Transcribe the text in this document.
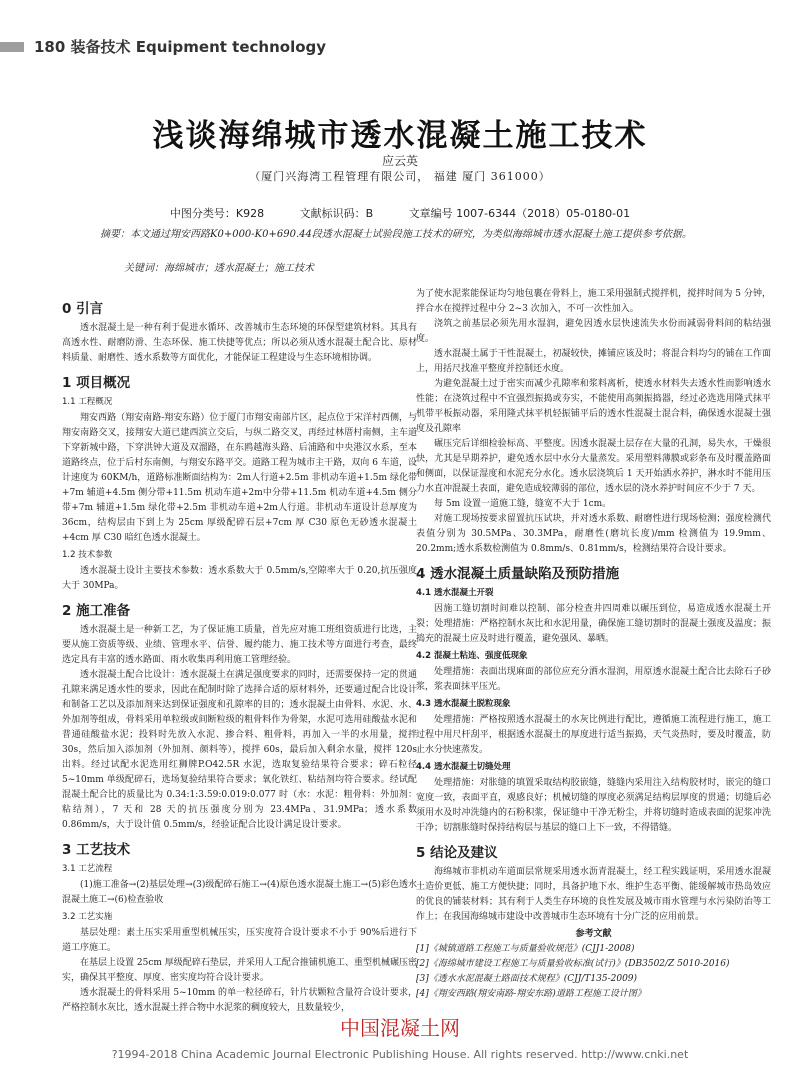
180 装备技术 Equipment technology
浅谈海绵城市透水混凝土施工技术
应云英
（厦门兴海湾工程管理有限公司， 福建 厦门 361000）
中图分类号：K928	文献标识码：B	文章编号 1007-6344（2018）05-0180-01
摘要：本文通过翔安西路K0+000-K0+690.44段透水混凝土试验段施工技术的研究，为类似海绵城市透水混凝土施工提供参考依据。
关键词：海绵城市；透水混凝土；施工技术
0 引言

透水混凝土是一种有利于促进水循环、改善城市生态环境的环保型建筑材料。其具有高透水性、耐磨防滑、生态环保、施工快捷等优点；所以必须从透水混凝土配合比、原材料质量、耐磨性、透水系数等方面优化，才能保证工程建设与生态环境相协调。

1 项目概况
1.1 工程概况

翔安西路（翔安南路-翔安东路）位于厦门市翔安南部片区，起点位于宋洋村西侧，与翔安南路交叉，接翔安大道已建西滨立交后，与纵二路交叉，再经过林厝村南侧，主车道下穿新城中路，下穿洪钟大道及双溜路，在东鸥越海头路、后浦路和中央港汉水系，至本道路终点，位于后村东南侧，与翔安东路平交。道路工程为城市主干路，双向 6 车道，设计速度为 60KM/h，道路标准断面结构为：2m人行道+2.5m 非机动车道+1.5m 绿化带+7m 辅道+4.5m 侧分带+11.5m 机动车道+2m中分带+11.5m 机动车道+4.5m 侧分带+7m 辅道+1.5m 绿化带+2.5m 非机动车道+2m人行道。非机动车道设计总厚度为 36cm，结构层由下到上为 25cm 厚级配碎石层+7cm 厚 C30 原色无砂透水混凝土+4cm 厚 C30 暗红色透水混凝土。

1.2 技术参数

透水混凝土设计主要技术参数：透水系数大于 0.5mm/s,空隙率大于 0.20,抗压强度大于 30MPa。

2 施工准备

透水混凝土是一种新工艺，为了保证施工质量，首先应对施工班组资质进行比选，主要从施工资质等级、业绩、管理水平、信誉、履约能力、施工技术等方面进行考查，最终选定具有丰富的透水路面、雨水收集再利用施工管理经验。

透水混凝土配合比设计：透水混凝土在满足强度要求的同时，还需要保持一定的贯通孔隙来满足透水性的要求，因此在配制时除了选择合适的原材料外，还要通过配合比设计和制备工艺以及添加剂来达到保证强度和孔隙率的目的；透水混凝土由骨料、水泥、水、外加剂等组成，骨料采用单粒级或间断粒级的粗骨料作为骨架，水泥可选用硅酸盐水泥和普通硅酸盐水泥；投料时先放入水泥、掺合料、粗骨料，再加入一半的水用量，搅拌 30s，然后加入添加剂（外加剂、颜料等），搅拌 60s，最后加入剩余水量，搅拌 120s 出料。经过试配水泥选用红狮牌P.O42.5R 水泥，选取复验结果符合要求；碎石粒径 5~10mm 单级配碎石，选场复验结果符合要求；氧化铁红、粘结剂均符合要求。经试配混凝土配合比的质量比为 0.34:1:3.59:0.019:0.077 时（水：水泥：粗骨料：外加剂：粘结剂），7 天和 28 天的抗压强度分别为 23.4MPa、31.9MPa；透水系数 0.86mm/s，大于设计值 0.5mm/s，经验证配合比设计满足设计要求。

3 工艺技术
3.1 工艺流程

(1)施工准备→(2)基层处理→(3)级配碎石施工→(4)原色透水混凝土施工→(5)彩色透水混凝土施工→(6)检查验收

3.2 工艺实施

基层处理：素土压实采用重型机械压实，压实度符合设计要求不小于 90%后进行下道工序施工。

在基层上设置 25cm 厚级配碎石垫层，并采用人工配合推铺机施工、重型机械碾压密实，确保其平整度、厚度、密实度均符合设计要求。

透水混凝土的骨料采用 5~10mm 的单一粒径碎石，针片状颗粒含量符合设计要求，严格控制水灰比，透水混凝土拌合物中水泥浆的稠度较大，且数量较少，

为了使水泥浆能保证均匀地包裹在骨料上，施工采用强制式搅拌机，搅拌时间为 5 分钟，拌合水在搅拌过程中分 2~3 次加入，不可一次性加入。

浇筑之前基层必须先用水湿润，避免因透水层快速流失水份而减弱骨料间的粘结强度。

透水混凝土属于干性混凝土，初凝较快，摊铺应该及时；将混合料均匀的铺在工作面上，用括尺找准平整度并控制还水度。

为避免混凝土过于密实而减少孔隙率和浆料离析，使透水材料失去透水性而影响透水性能；在浇筑过程中不宜强烈振捣或夯实，不能使用高频振捣器，经过必选选用隆式抹平机带平板振动器，采用隆式抹平机轻振铺平后的透水性混凝土混合料，确保透水混凝土强度及孔隙率

碾压完后详细检验标高、平整度。因透水混凝土层存在大量的孔洞，易失水，干燥很快，尤其是早期养护，避免透水层中水分大量蒸发。采用塑料薄膜或彩条布及时覆盖路面和侧面，以保证湿度和水泥充分水化。透水层浇筑后 1 天开始洒水养护，淋水时不能用压力水直冲混凝土表面，避免造成较薄弱的部位，透水层的浇水养护时间应不少于 7 天。

每 5m 设置一道施工缝，缝宽不大于 1cm。

对施工现场按要求留置抗压试块，并对透水系数、耐磨性进行现场检测；强度检测代表值分别为 30.5MPa、30.3MPa，耐磨性(磨坑长度)/mm 检测值为 19.9mm、20.2mm;透水系数检测值为 0.8mm/s、0.81mm/s，检测结果符合设计要求。

4 透水混凝土质量缺陷及预防措施
4.1 透水混凝土开裂

因施工缝切割时间难以控制、部分检查井四周难以碾压到位，易造成透水混凝土开裂；处理措施：严格控制水灰比和水泥用量，确保施工缝切割时的混凝土强度及温度；振捣充的混凝土应及时进行覆盖，避免强风、暴晒。

4.2 混凝土粘连、强度低现象

处理措施：表面出现麻面的部位应充分洒水湿润，用原透水混凝土配合比去除石子砂浆，浆表面抹平压光。

4.3 透水混凝土脱粒现象

处理措施：严格按照透水混凝土的水灰比例进行配比，遵循施工流程进行施工，施工过程中用尺杆刮平，根据透水混凝土的厚度进行适当振捣，天气炎热时，要及时覆盖，防止水分快速蒸发。

4.4 透水混凝土切缝处理

处理措施：对胀缝的填置采取结构胶嵌缝，缝缝内采用注入结构胶材时，嵌完的缝口宽度一致，表面平直，观感良好；机械切缝的厚度必须满足结构层厚度的贯通；切缝后必须用水及时冲洗缝内的石粉积浆，保证缝中干净无粉尘，并将切缝时造成表面的泥浆冲洗干净；切割胀缝时保持结构层与基层的缝口上下一致，不得错缝。

5 结论及建议

海绵城市非机动车道面层常规采用透水沥青混凝土，经工程实践证明，采用透水混凝土造价更低、施工方便快捷；同时，具备护地下水、维护生态平衡、能缓解城市热岛效应的优良的铺装材料；其有利于人类生存环境的良性发展及城市雨水管理与水污染防治等工作上；在我国海绵城市建设中改善城市生态环境有十分广泛的应用前景。

参考文献
[1]《城镇道路工程施工与质量验收规范》(CJJ1-2008)
[2]《海绵城市建设工程施工与质量验收标准(试行)》(DB3502/Z 5010-2016)
[3]《透水水泥混凝土路面技术规程》(CJJ/T135-2009)
[4]《翔安西路(翔安南路-翔安东路)道路工程施工设计图》
中国混凝土网
?1994-2018 China Academic Journal Electronic Publishing House. All rights reserved. http://www.cnki.net
